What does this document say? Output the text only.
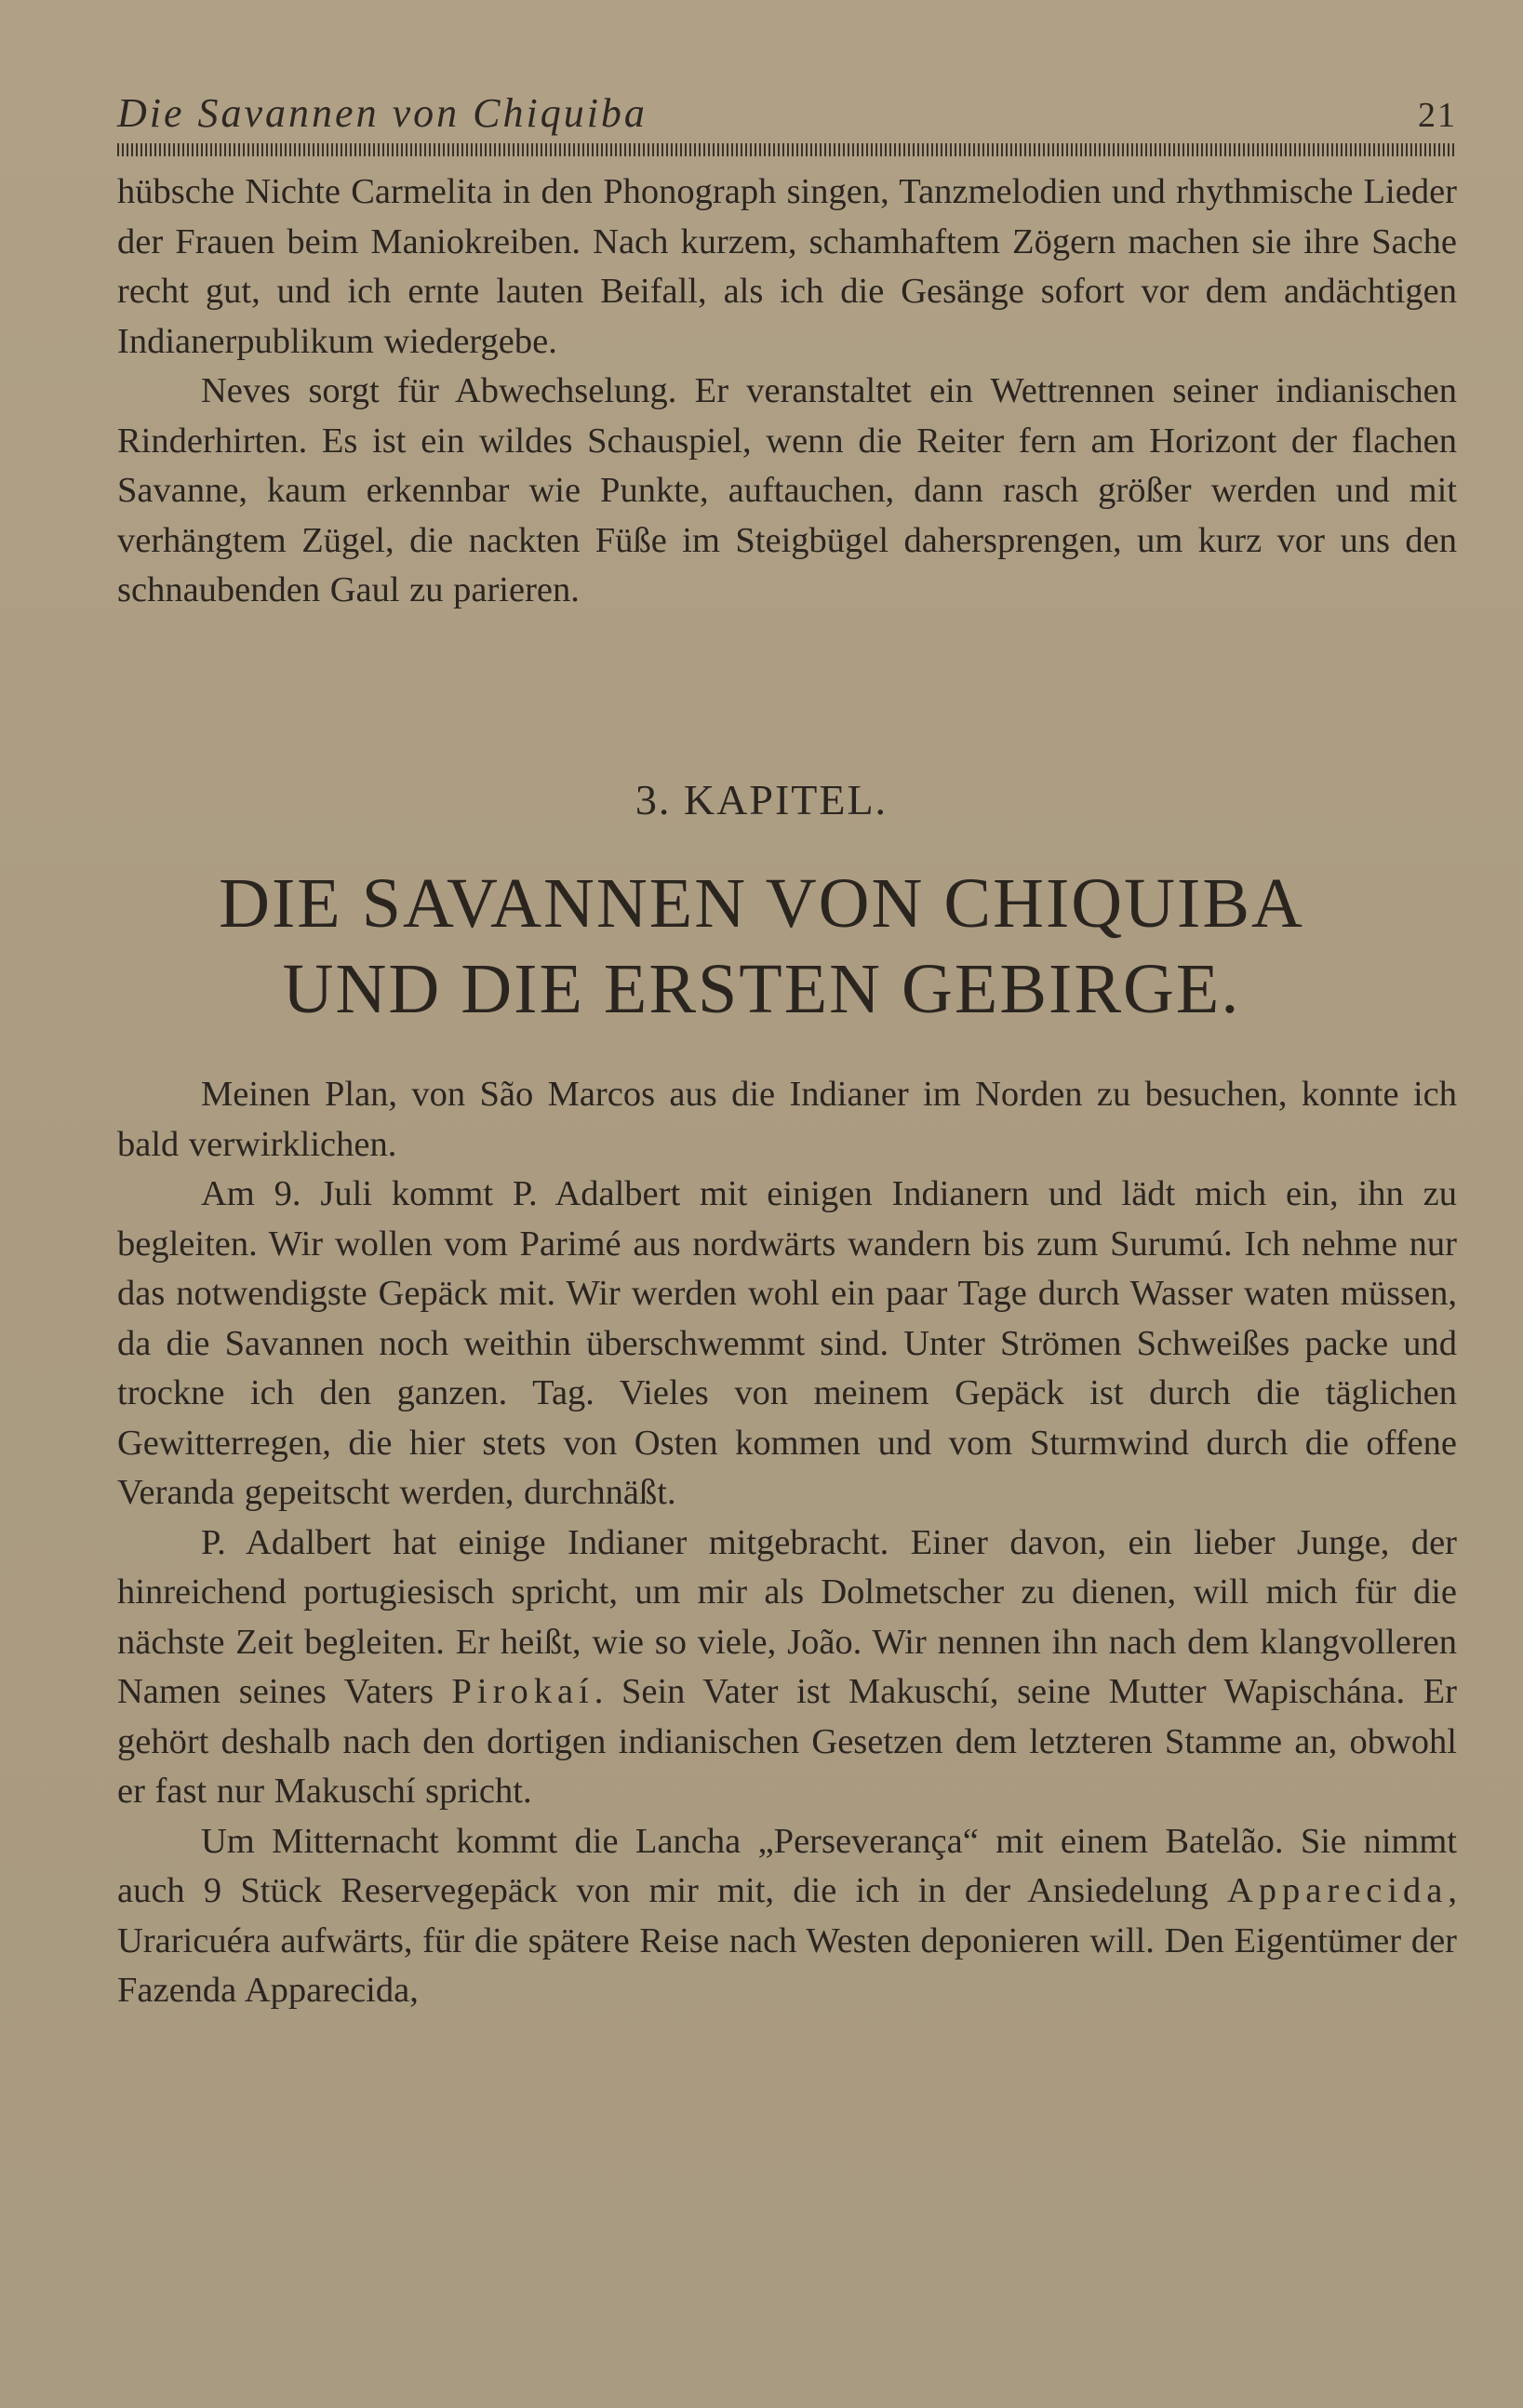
Die Savannen von Chiquiba	21

hübsche Nichte Carmelita in den Phonograph singen, Tanzmelodien und rhythmische Lieder der Frauen beim Maniokreiben. Nach kurzem, schamhaftem Zögern machen sie ihre Sache recht gut, und ich ernte lauten Beifall, als ich die Gesänge sofort vor dem andächtigen Indianerpublikum wiedergebe.

Neves sorgt für Abwechselung. Er veranstaltet ein Wettrennen seiner indianischen Rinderhirten. Es ist ein wildes Schauspiel, wenn die Reiter fern am Horizont der flachen Savanne, kaum erkennbar wie Punkte, auftauchen, dann rasch größer werden und mit verhängtem Zügel, die nackten Füße im Steigbügel dahersprengen, um kurz vor uns den schnaubenden Gaul zu parieren.

3. KAPITEL.
DIE SAVANNEN VON CHIQUIBA
UND DIE ERSTEN GEBIRGE.

Meinen Plan, von São Marcos aus die Indianer im Norden zu besuchen, konnte ich bald verwirklichen.

Am 9. Juli kommt P. Adalbert mit einigen Indianern und lädt mich ein, ihn zu begleiten. Wir wollen vom Parimé aus nordwärts wandern bis zum Surumú. Ich nehme nur das notwendigste Gepäck mit. Wir werden wohl ein paar Tage durch Wasser waten müssen, da die Savannen noch weithin überschwemmt sind. Unter Strömen Schweißes packe und trockne ich den ganzen. Tag. Vieles von meinem Gepäck ist durch die täglichen Gewitterregen, die hier stets von Osten kommen und vom Sturmwind durch die offene Veranda gepeitscht werden, durchnäßt.

P. Adalbert hat einige Indianer mitgebracht. Einer davon, ein lieber Junge, der hinreichend portugiesisch spricht, um mir als Dolmetscher zu dienen, will mich für die nächste Zeit begleiten. Er heißt, wie so viele, João. Wir nennen ihn nach dem klangvolleren Namen seines Vaters Pirokaí. Sein Vater ist Makuschí, seine Mutter Wapischána. Er gehört deshalb nach den dortigen indianischen Gesetzen dem letzteren Stamme an, obwohl er fast nur Makuschí spricht.

Um Mitternacht kommt die Lancha „Perseverança“ mit einem Batelão. Sie nimmt auch 9 Stück Reservegepäck von mir mit, die ich in der Ansiedelung Apparecida, Uraricuéra aufwärts, für die spätere Reise nach Westen deponieren will. Den Eigentümer der Fazenda Apparecida,
